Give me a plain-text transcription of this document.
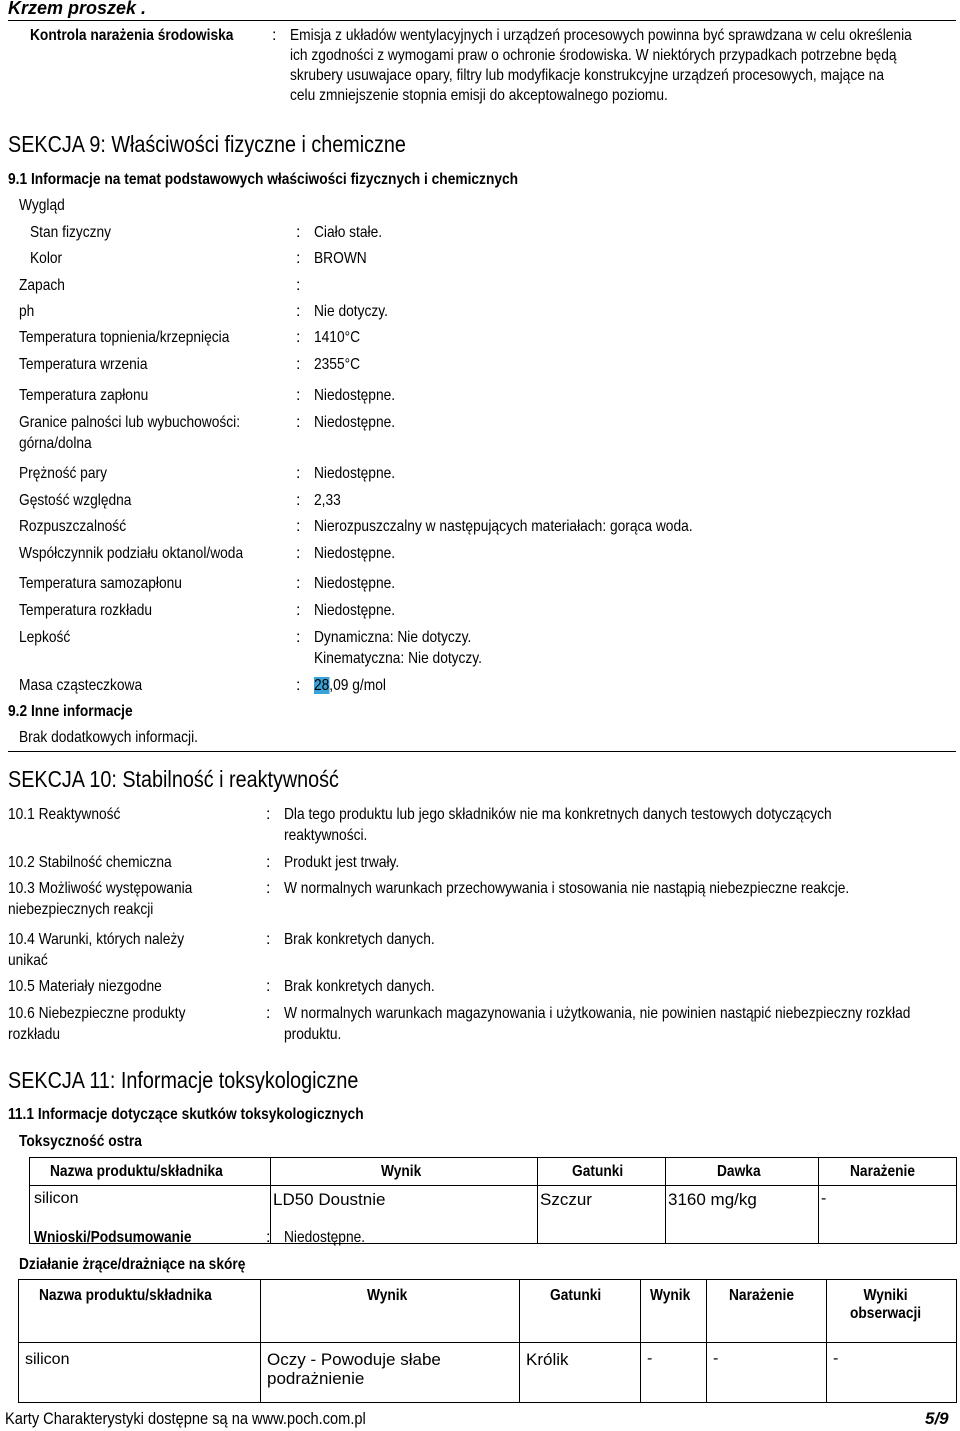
Krzem proszek .
Kontrola narażenia środowiska	: Emisja z układów wentylacyjnych i urządzeń procesowych powinna być sprawdzana w celu określenia
ich zgodności z wymogami praw o ochronie środowiska. W niektórych przypadkach potrzebne będą
skrubery usuwajace opary, filtry lub modyfikacje konstrukcyjne urządzeń procesowych, mające na
celu zmniejszenie stopnia emisji do akceptowalnego poziomu.
SEKCJA 9: Właściwości fizyczne i chemiczne
9.1 Informacje na temat podstawowych właściwości fizycznych i chemicznych
Wygląd
Stan fizyczny	: Ciało stałe.
Kolor	: BROWN
Zapach	:
ph	: Nie dotyczy.
Temperatura topnienia/krzepnięcia	: 1410°C
Temperatura wrzenia	: 2355°C
Temperatura zapłonu	: Niedostępne.
Granice palności lub wybuchowości:
górna/dolna
: Niedostępne.
Prężność pary	: Niedostępne.
Gęstość względna	: 2,33
Rozpuszczalność	: Nierozpuszczalny w następujących materiałach: gorąca woda.
Współczynnik podziału oktanol/woda	: Niedostępne.
Temperatura samozapłonu	: Niedostępne.
Temperatura rozkładu	: Niedostępne.
Lepkość	: Dynamiczna: Nie dotyczy.
Kinematyczna: Nie dotyczy.
Masa cząsteczkowa	: 28,09 g/mol
9.2 Inne informacje
Brak dodatkowych informacji.
SEKCJA 10: Stabilność i reaktywność
10.1 Reaktywność	: Dla tego produktu lub jego składników nie ma konkretnych danych testowych dotyczących
reaktywności.
10.2 Stabilność chemiczna	: Produkt jest trwały.
10.3 Możliwość występowania
niebezpiecznych reakcji
: W normalnych warunkach przechowywania i stosowania nie nastąpią niebezpieczne reakcje.
10.4 Warunki, których należy
unikać
: Brak konkretych danych.
10.5 Materiały niezgodne	: Brak konkretych danych.
10.6 Niebezpieczne produkty
rozkładu
: W normalnych warunkach magazynowania i użytkowania, nie powinien nastąpić niebezpieczny rozkład
produktu.
SEKCJA 11: Informacje toksykologiczne
11.1 Informacje dotyczące skutków toksykologicznych
Toksyczność ostra
Nazwa produktu/składnika	Wynik	Gatunki	Dawka	Narażenie

silicon	LD50 Doustnie	Szczur	3160 mg/kg	-
Wnioski/Podsumowanie	: Niedostępne.
Działanie żrące/drażniące na skórę
Nazwa produktu/składnika	Wynik	Gatunki	Wynik	Narażenie	Wyniki
obserwacji

silicon	Oczy - Powoduje słabe
podrażnienie	Królik	-	-	-
Karty Charakterystyki dostępne są na www.poch.com.pl	5/9
